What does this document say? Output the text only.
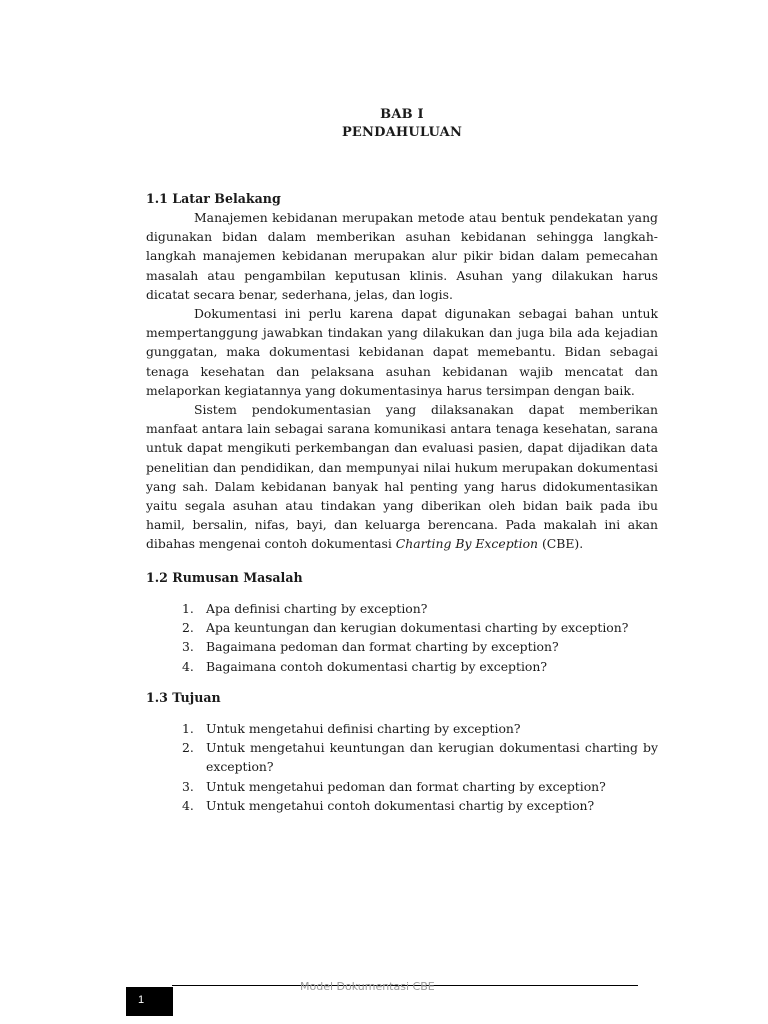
BAB I
PENDAHULUAN
1.1 Latar Belakang

Manajemen kebidanan merupakan metode atau bentuk pendekatan yang digunakan bidan dalam memberikan asuhan kebidanan sehingga langkah-langkah manajemen kebidanan merupakan alur pikir bidan dalam pemecahan masalah atau pengambilan keputusan klinis. Asuhan yang dilakukan harus dicatat secara benar, sederhana, jelas, dan logis.

Dokumentasi ini perlu karena dapat digunakan sebagai bahan untuk mempertanggung jawabkan tindakan yang dilakukan dan juga bila ada kejadian gunggatan, maka dokumentasi kebidanan dapat memebantu. Bidan sebagai tenaga kesehatan dan pelaksana asuhan kebidanan wajib mencatat dan melaporkan kegiatannya yang dokumentasinya harus tersimpan dengan baik.

Sistem pendokumentasian yang dilaksanakan dapat memberikan manfaat antara lain sebagai sarana komunikasi antara tenaga kesehatan, sarana untuk dapat mengikuti perkembangan dan evaluasi pasien, dapat dijadikan data penelitian dan pendidikan, dan mempunyai nilai hukum merupakan dokumentasi yang sah. Dalam kebidanan banyak hal penting yang harus didokumentasikan yaitu segala asuhan atau tindakan yang diberikan oleh bidan baik pada ibu hamil, bersalin, nifas, bayi, dan keluarga berencana. Pada makalah ini akan dibahas mengenai contoh dokumentasi Charting By Exception (CBE).

1.2 Rumusan Masalah
1. Apa definisi charting by exception?
2. Apa keuntungan dan kerugian dokumentasi charting by exception?
3. Bagaimana pedoman dan format charting by exception?
4. Bagaimana contoh dokumentasi chartig by exception?
1.3 Tujuan
1. Untuk mengetahui definisi charting by exception?
2. Untuk mengetahui keuntungan dan kerugian dokumentasi charting by exception?
3. Untuk mengetahui pedoman dan format charting by exception?
4. Untuk mengetahui contoh dokumentasi chartig by exception?
Model Dokumentasi CBE
1
